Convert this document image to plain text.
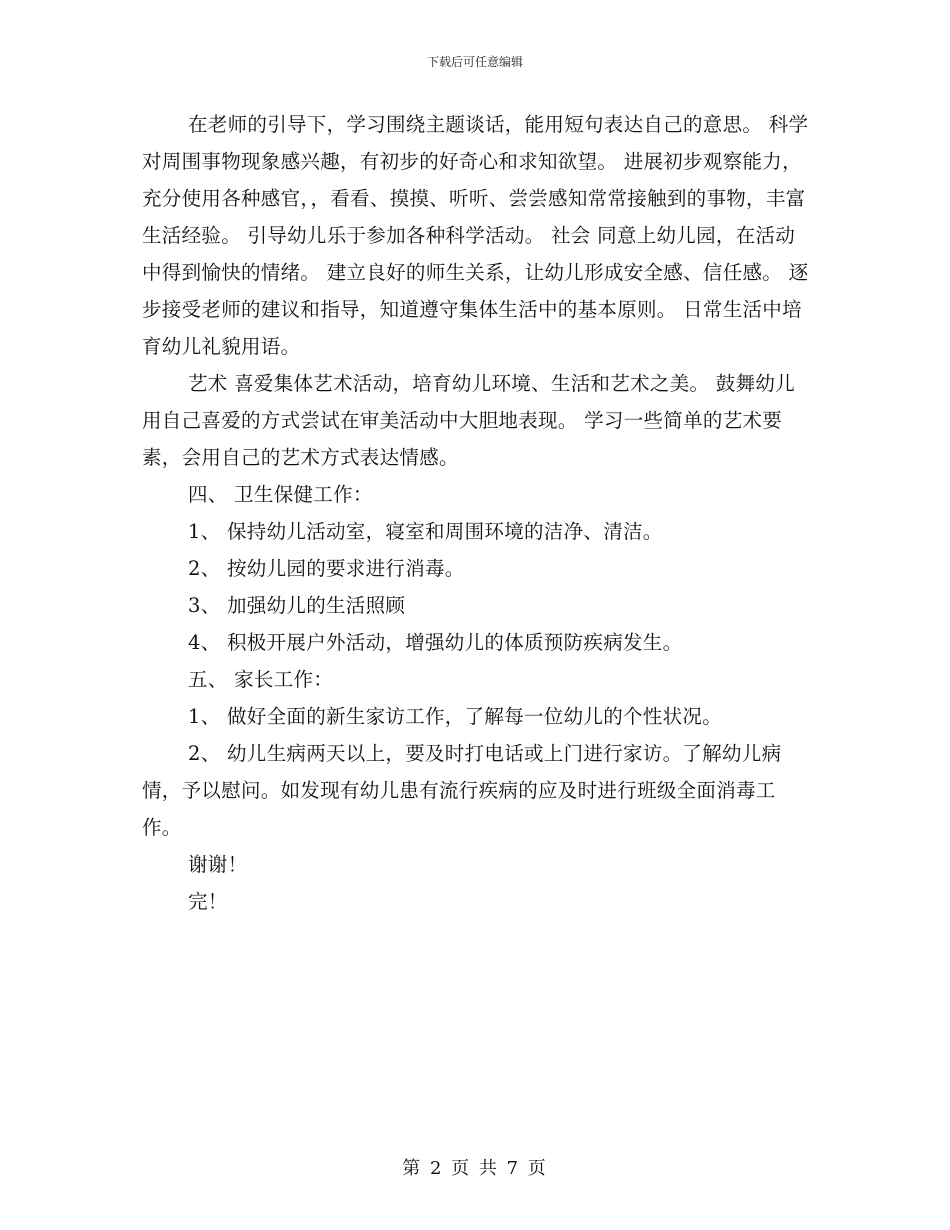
下载后可任意编辑

在老师的引导下，学习围绕主题谈话，能用短句表达自己的意思。 科学 对周围事物现象感兴趣，有初步的好奇心和求知欲望。 进展初步观察能力，充分使用各种感官，，看看、摸摸、听听、尝尝感知常常接触到的事物，丰富生活经验。 引导幼儿乐于参加各种科学活动。 社会 同意上幼儿园，在活动中得到愉快的情绪。 建立良好的师生关系，让幼儿形成安全感、信任感。 逐步接受老师的建议和指导，知道遵守集体生活中的基本原则。 日常生活中培育幼儿礼貌用语。

艺术 喜爱集体艺术活动，培育幼儿环境、生活和艺术之美。 鼓舞幼儿用自己喜爱的方式尝试在审美活动中大胆地表现。 学习一些简单的艺术要素，会用自己的艺术方式表达情感。

四、 卫生保健工作：

1、 保持幼儿活动室，寝室和周围环境的洁净、清洁。

2、 按幼儿园的要求进行消毒。

3、 加强幼儿的生活照顾

4、 积极开展户外活动，增强幼儿的体质预防疾病发生。

五、 家长工作：

1、 做好全面的新生家访工作，了解每一位幼儿的个性状况。

2、 幼儿生病两天以上，要及时打电话或上门进行家访。了解幼儿病情，予以慰问。如发现有幼儿患有流行疾病的应及时进行班级全面消毒工作。

谢谢！

完！

第 2 页 共 7 页
